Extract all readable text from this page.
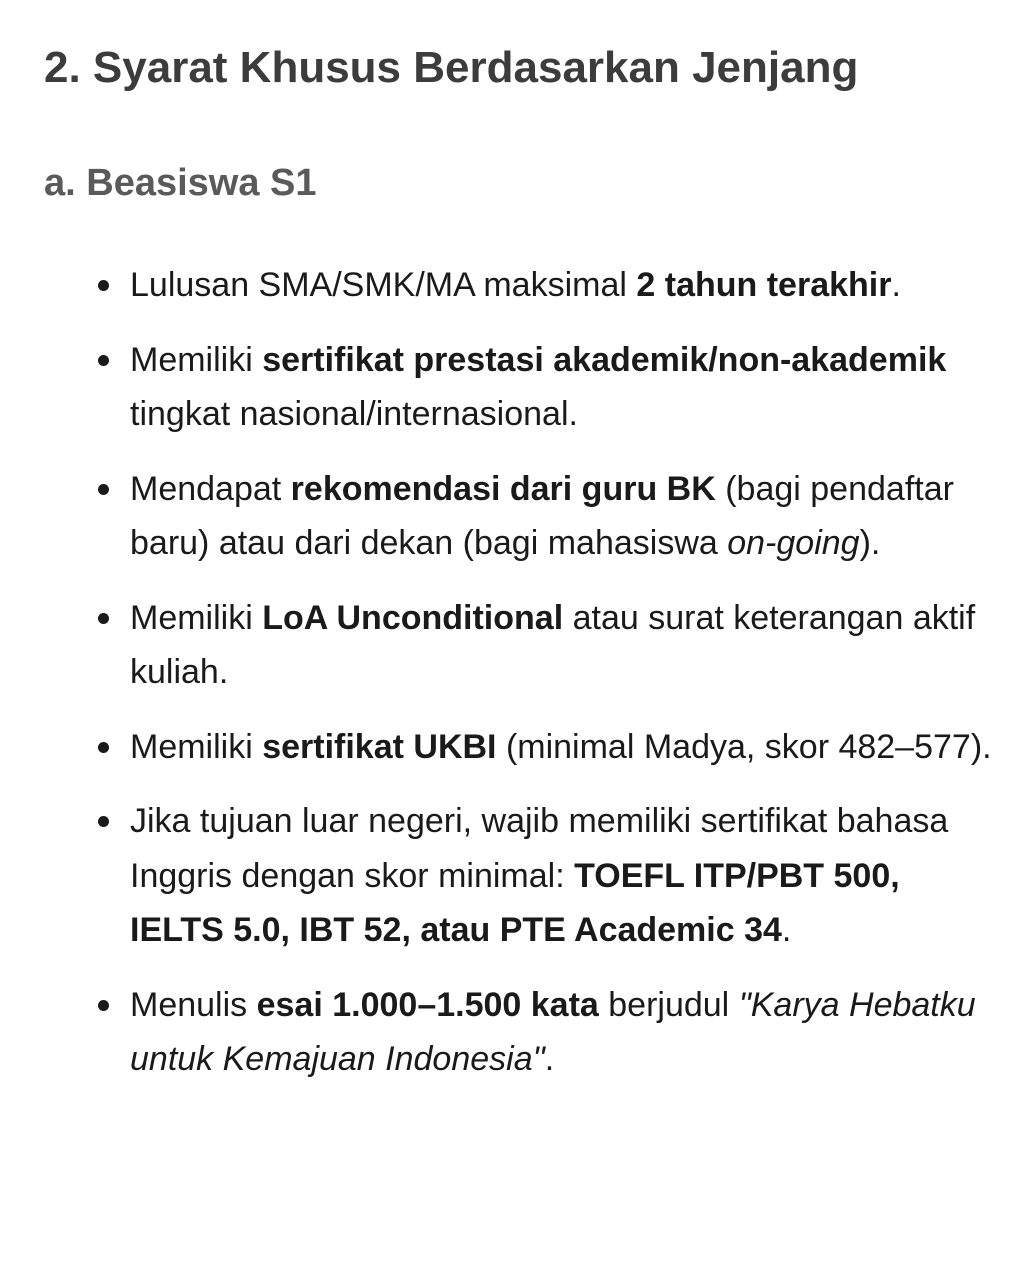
2. Syarat Khusus Berdasarkan Jenjang
a. Beasiswa S1
Lulusan SMA/SMK/MA maksimal 2 tahun terakhir.
Memiliki sertifikat prestasi akademik/non-akademik tingkat nasional/internasional.
Mendapat rekomendasi dari guru BK (bagi pendaftar baru) atau dari dekan (bagi mahasiswa on-going).
Memiliki LoA Unconditional atau surat keterangan aktif kuliah.
Memiliki sertifikat UKBI (minimal Madya, skor 482–577).
Jika tujuan luar negeri, wajib memiliki sertifikat bahasa Inggris dengan skor minimal: TOEFL ITP/PBT 500, IELTS 5.0, IBT 52, atau PTE Academic 34.
Menulis esai 1.000–1.500 kata berjudul "Karya Hebatku untuk Kemajuan Indonesia".
